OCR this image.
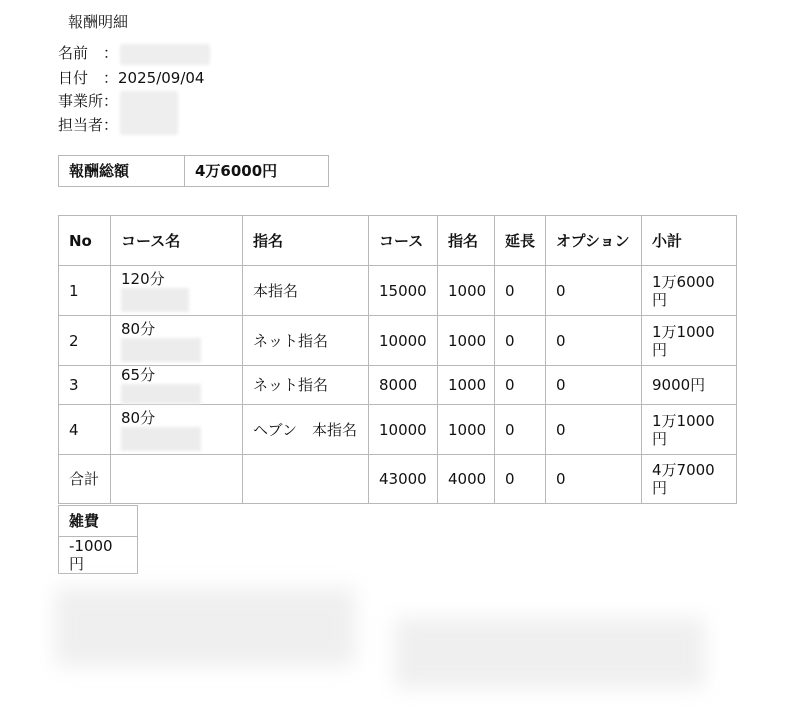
報酬明細
名前　：
日付　：2025/09/04
事業所：
担当者：
報酬総額	4万6000円
No	コース名	指名	コース	指名	延長	オプション	小計
1	120分	本指名	15000	1000	0	0	1万6000円
2	80分	ネット指名	10000	1000	0	0	1万1000円
3	65分	ネット指名	8000	1000	0	0	9000円
4	80分	ヘブン　本指名	10000	1000	0	0	1万1000円
合計			43000	4000	0	0	4万7000円
雑費
-1000円
